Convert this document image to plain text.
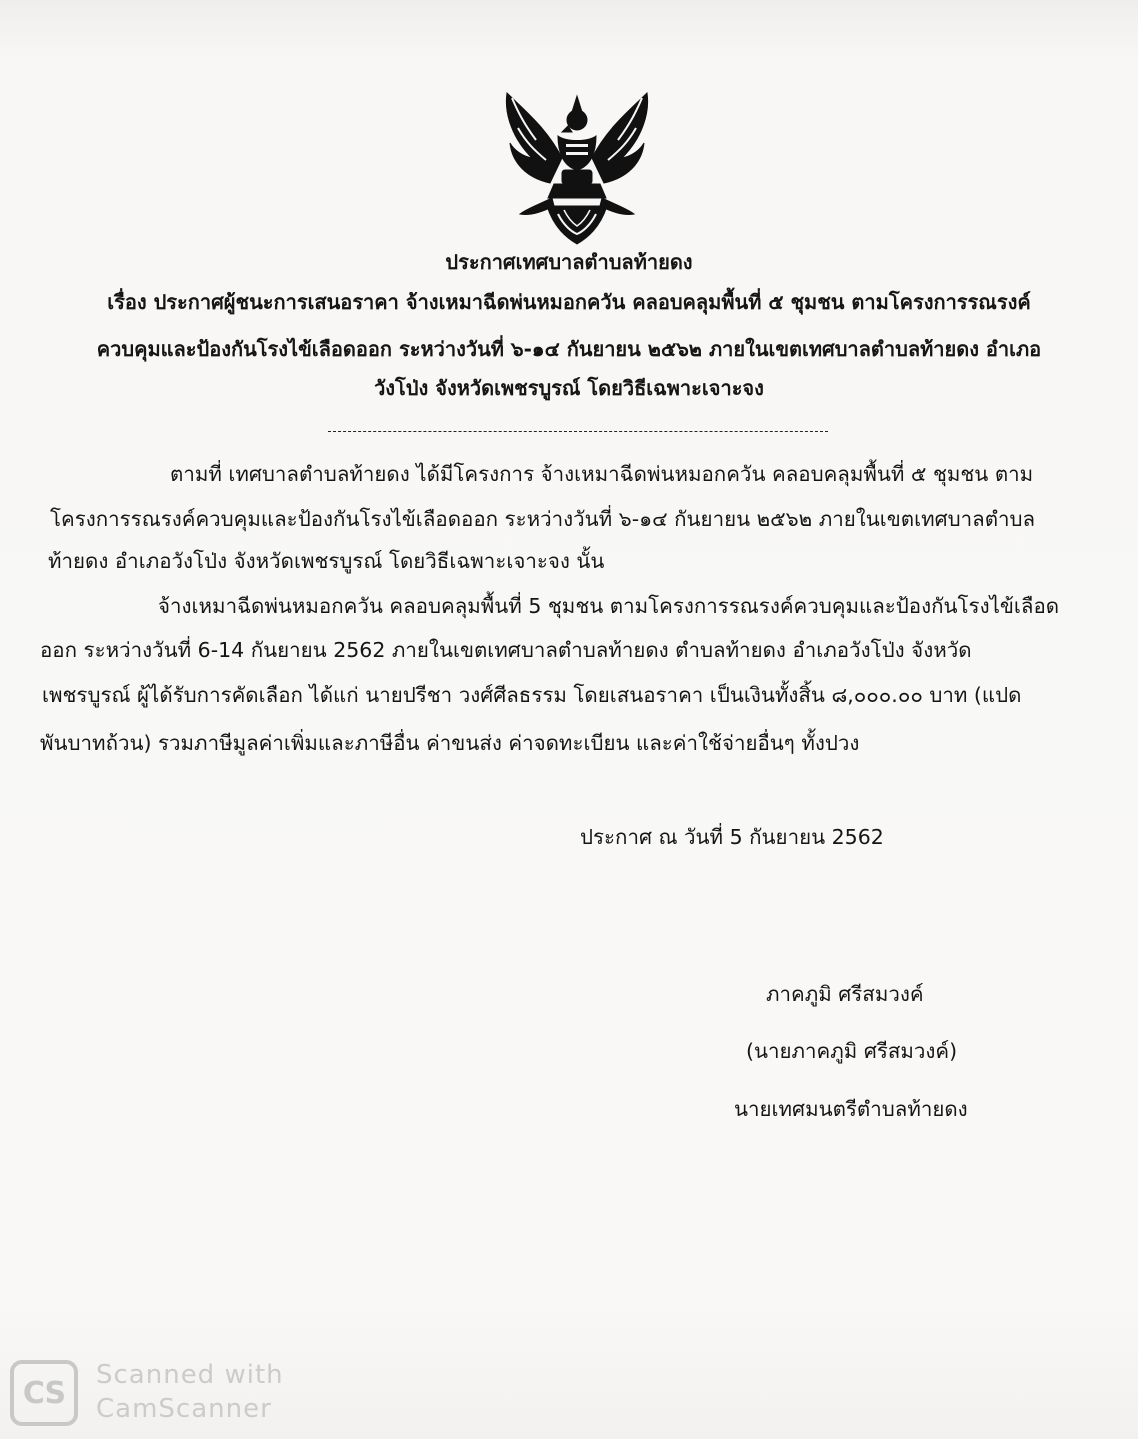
ประกาศเทศบาลตำบลท้ายดง
เรื่อง ประกาศผู้ชนะการเสนอราคา จ้างเหมาฉีดพ่นหมอกควัน คลอบคลุมพื้นที่ ๕ ชุมชน ตามโครงการรณรงค์
ควบคุมและป้องกันโรงไข้เลือดออก ระหว่างวันที่ ๖-๑๔ กันยายน ๒๕๖๒ ภายในเขตเทศบาลตำบลท้ายดง อำเภอ
วังโป่ง จังหวัดเพชรบูรณ์ โดยวิธีเฉพาะเจาะจง
ตามที่ เทศบาลตำบลท้ายดง ได้มีโครงการ จ้างเหมาฉีดพ่นหมอกควัน คลอบคลุมพื้นที่ ๕ ชุมชน ตาม
โครงการรณรงค์ควบคุมและป้องกันโรงไข้เลือดออก ระหว่างวันที่ ๖-๑๔ กันยายน ๒๕๖๒ ภายในเขตเทศบาลตำบล
ท้ายดง อำเภอวังโป่ง จังหวัดเพชรบูรณ์ โดยวิธีเฉพาะเจาะจง นั้น
จ้างเหมาฉีดพ่นหมอกควัน คลอบคลุมพื้นที่ 5 ชุมชน ตามโครงการรณรงค์ควบคุมและป้องกันโรงไข้เลือด
ออก ระหว่างวันที่ 6-14 กันยายน 2562 ภายในเขตเทศบาลตำบลท้ายดง ตำบลท้ายดง อำเภอวังโป่ง จังหวัด
เพชรบูรณ์ ผู้ได้รับการคัดเลือก ได้แก่ นายปรีชา วงศ์ศีลธรรม โดยเสนอราคา เป็นเงินทั้งสิ้น ๘,๐๐๐.๐๐ บาท (แปด
พันบาทถ้วน) รวมภาษีมูลค่าเพิ่มและภาษีอื่น ค่าขนส่ง ค่าจดทะเบียน และค่าใช้จ่ายอื่นๆ ทั้งปวง
ประกาศ ณ วันที่ 5 กันยายน 2562
ภาคภูมิ ศรีสมวงค์
(นายภาคภูมิ ศรีสมวงค์)
นายเทศมนตรีตำบลท้ายดง
CS
Scanned with
CamScanner
